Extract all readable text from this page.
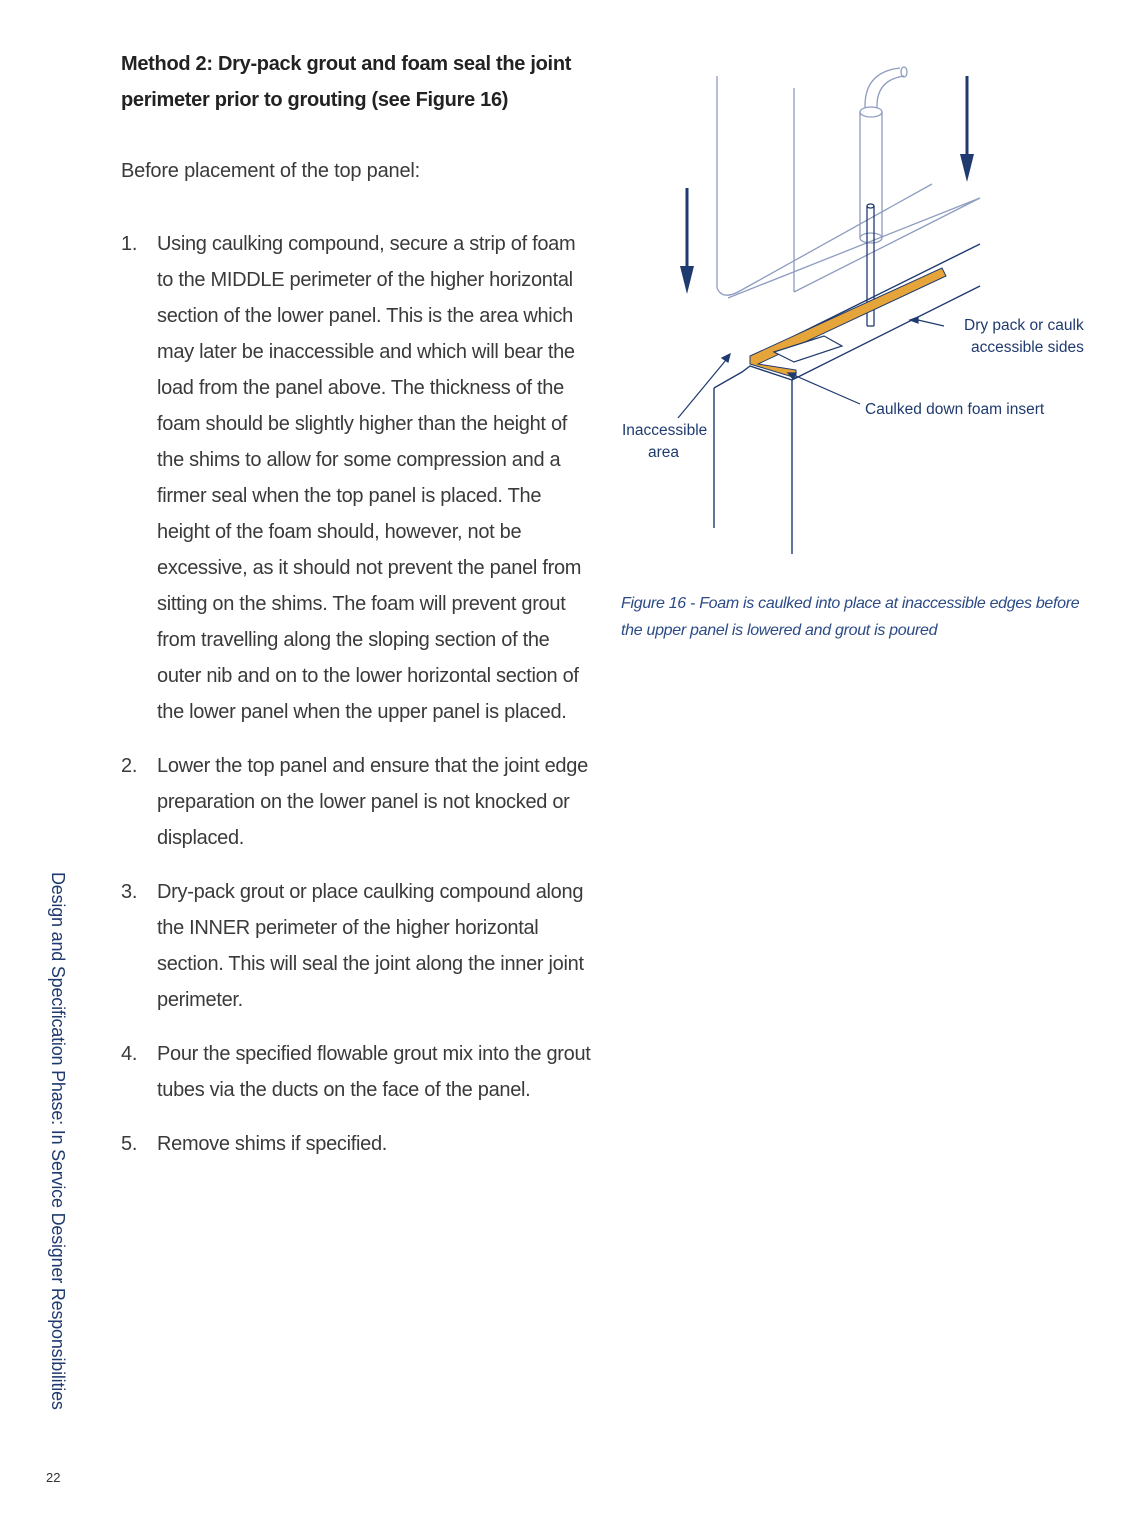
Method 2: Dry-pack grout and foam seal the joint perimeter prior to grouting (see Figure 16)
Before placement of the top panel:
1. Using caulking compound, secure a strip of foam to the MIDDLE perimeter of the higher horizontal section of the lower panel. This is the area which may later be inaccessible and which will bear the load from the panel above. The thickness of the foam should be slightly higher than the height of the shims to allow for some compression and a firmer seal when the top panel is placed. The height of the foam should, however, not be excessive, as it should not prevent the panel from sitting on the shims. The foam will prevent grout from travelling along the sloping section of the outer nib and on to the lower horizontal section of the lower panel when the upper panel is placed.
2. Lower the top panel and ensure that the joint edge preparation on the lower panel is not knocked or displaced.
3. Dry-pack grout or place caulking compound along the INNER perimeter of the higher horizontal section. This will seal the joint along the inner joint perimeter.
4. Pour the specified flowable grout mix into the grout tubes via the ducts on the face of the panel.
5. Remove shims if specified.
Dry pack or caulk
accessible sides
Caulked down foam insert
Inaccessible
area
Figure 16 - Foam is caulked into place at inaccessible edges before the upper panel is lowered and grout is poured
Design and Specification Phase: In Service Designer Responsibilities
22
